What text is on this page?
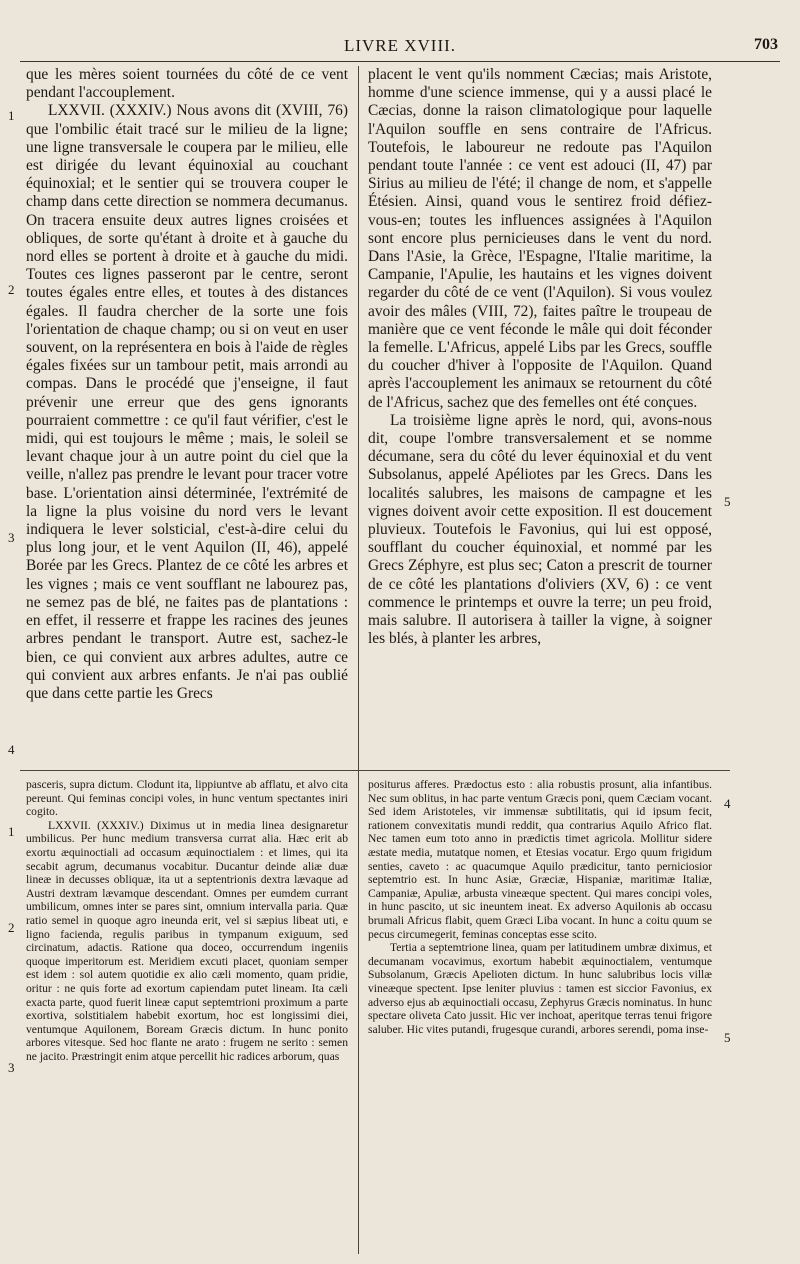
LIVRE XVIII.	703
1
2
3
4
5
1
2
3
4
5

que les mères soient tournées du côté de ce vent pendant l'accouplement.

LXXVII. (XXXIV.) Nous avons dit (XVIII, 76) que l'ombilic était tracé sur le milieu de la ligne; une ligne transversale le coupera par le milieu, elle est dirigée du levant équinoxial au couchant équinoxial; et le sentier qui se trouvera couper le champ dans cette direction se nommera decumanus. On tracera ensuite deux autres lignes croisées et obliques, de sorte qu'étant à droite et à gauche du nord elles se portent à droite et à gauche du midi. Toutes ces lignes passeront par le centre, seront toutes égales entre elles, et toutes à des distances égales. Il faudra chercher de la sorte une fois l'orientation de chaque champ; ou si on veut en user souvent, on la représentera en bois à l'aide de règles égales fixées sur un tambour petit, mais arrondi au compas. Dans le procédé que j'enseigne, il faut prévenir une erreur que des gens ignorants pourraient commettre : ce qu'il faut vérifier, c'est le midi, qui est toujours le même ; mais, le soleil se levant chaque jour à un autre point du ciel que la veille, n'allez pas prendre le levant pour tracer votre base. L'orientation ainsi déterminée, l'extrémité de la ligne la plus voisine du nord vers le levant indiquera le lever solsticial, c'est-à-dire celui du plus long jour, et le vent Aquilon (II, 46), appelé Borée par les Grecs. Plantez de ce côté les arbres et les vignes ; mais ce vent soufflant ne labourez pas, ne semez pas de blé, ne faites pas de plantations : en effet, il resserre et frappe les racines des jeunes arbres pendant le transport. Autre est, sachez-le bien, ce qui convient aux arbres adultes, autre ce qui convient aux arbres enfants. Je n'ai pas oublié que dans cette partie les Grecs

placent le vent qu'ils nomment Cæcias; mais Aristote, homme d'une science immense, qui y a aussi placé le Cæcias, donne la raison climatologique pour laquelle l'Aquilon souffle en sens contraire de l'Africus. Toutefois, le laboureur ne redoute pas l'Aquilon pendant toute l'année : ce vent est adouci (II, 47) par Sirius au milieu de l'été; il change de nom, et s'appelle Étésien. Ainsi, quand vous le sentirez froid défiez-vous-en; toutes les influences assignées à l'Aquilon sont encore plus pernicieuses dans le vent du nord. Dans l'Asie, la Grèce, l'Espagne, l'Italie maritime, la Campanie, l'Apulie, les hautains et les vignes doivent regarder du côté de ce vent (l'Aquilon). Si vous voulez avoir des mâles (VIII, 72), faites paître le troupeau de manière que ce vent féconde le mâle qui doit féconder la femelle. L'Africus, appelé Libs par les Grecs, souffle du coucher d'hiver à l'opposite de l'Aquilon. Quand après l'accouplement les animaux se retournent du côté de l'Africus, sachez que des femelles ont été conçues.

La troisième ligne après le nord, qui, avons-nous dit, coupe l'ombre transversalement et se nomme décumane, sera du côté du lever équinoxial et du vent Subsolanus, appelé Apéliotes par les Grecs. Dans les localités salubres, les maisons de campagne et les vignes doivent avoir cette exposition. Il est doucement pluvieux. Toutefois le Favonius, qui lui est opposé, soufflant du coucher équinoxial, et nommé par les Grecs Zéphyre, est plus sec; Caton a prescrit de tourner de ce côté les plantations d'oliviers (XV, 6) : ce vent commence le printemps et ouvre la terre; un peu froid, mais salubre. Il autorisera à tailler la vigne, à soigner les blés, à planter les arbres,

pasceris, supra dictum. Clodunt ita, lippiuntve ab afflatu, et alvo cita pereunt. Qui feminas concipi voles, in hunc ventum spectantes iniri cogito.

LXXVII. (XXXIV.) Diximus ut in media linea designaretur umbilicus. Per hunc medium transversa currat alia. Hæc erit ab exortu æquinoctiali ad occasum æquinoctialem : et limes, qui ita secabit agrum, decumanus vocabitur. Ducantur deinde aliæ duæ lineæ in decusses obliquæ, ita ut a septentrionis dextra lævaque ad Austri dextram lævamque descendant. Omnes per eumdem currant umbilicum, omnes inter se pares sint, omnium intervalla paria. Quæ ratio semel in quoque agro ineunda erit, vel si sæpius libeat uti, e ligno facienda, regulis paribus in tympanum exiguum, sed circinatum, adactis. Ratione qua doceo, occurrendum ingeniis quoque imperitorum est. Meridiem excuti placet, quoniam semper est idem : sol autem quotidie ex alio cæli momento, quam pridie, oritur : ne quis forte ad exortum capiendam putet lineam. Ita cæli exacta parte, quod fuerit lineæ caput septemtrioni proximum a parte exortiva, solstitialem habebit exortum, hoc est longissimi diei, ventumque Aquilonem, Boream Græcis dictum. In hunc ponito arbores vitesque. Sed hoc flante ne arato : frugem ne serito : semen ne jacito. Præstringit enim atque percellit hic radices arborum, quas

positurus afferes. Prædoctus esto : alia robustis prosunt, alia infantibus. Nec sum oblitus, in hac parte ventum Græcis poni, quem Cæciam vocant. Sed idem Aristoteles, vir immensæ subtilitatis, qui id ipsum fecit, rationem convexitatis mundi reddit, qua contrarius Aquilo Africo flat. Nec tamen eum toto anno in prædictis timet agricola. Mollitur sidere æstate media, mutatque nomen, et Etesias vocatur. Ergo quum frigidum senties, caveto : ac quacumque Aquilo prædicitur, tanto perniciosior septemtrio est. In hunc Asiæ, Græciæ, Hispaniæ, maritimæ Italiæ, Campaniæ, Apuliæ, arbusta vineæque spectent. Qui mares concipi voles, in hunc pascito, ut sic ineuntem ineat. Ex adverso Aquilonis ab occasu brumali Africus flabit, quem Græci Liba vocant. In hunc a coitu quum se pecus circumegerit, feminas conceptas esse scito.

Tertia a septemtrione linea, quam per latitudinem umbræ diximus, et decumanam vocavimus, exortum habebit æquinoctialem, ventumque Subsolanum, Græcis Apelioten dictum. In hunc salubribus locis villæ vineæque spectent. Ipse leniter pluvius : tamen est siccior Favonius, ex adverso ejus ab æquinoctiali occasu, Zephyrus Græcis nominatus. In hunc spectare oliveta Cato jussit. Hic ver inchoat, aperitque terras tenui frigore saluber. Hic vites putandi, frugesque curandi, arbores serendi, poma inse-
